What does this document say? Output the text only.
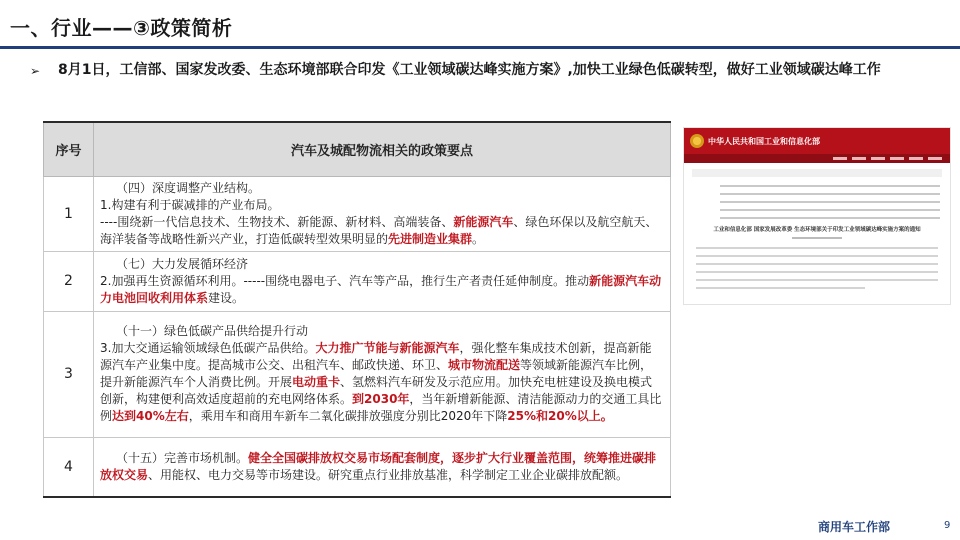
一、行业——③政策简析
➢	8月1日，工信部、国家发改委、生态环境部联合印发《工业领域碳达峰实施方案》,加快工业绿色低碳转型，做好工业领域碳达峰工作
序号	汽车及城配物流相关的政策要点
1	（四）深度调整产业结构。

1.构建有利于碳减排的产业布局。

----围绕新一代信息技术、生物技术、新能源、新材料、高端装备、新能源汽车、绿色环保以及航空航天、海洋装备等战略性新兴产业，打造低碳转型效果明显的先进制造业集群。

2	（七）大力发展循环经济

2.加强再生资源循环利用。-----围绕电器电子、汽车等产品，推行生产者责任延伸制度。推动新能源汽车动力电池回收利用体系建设。

3	（十一）绿色低碳产品供给提升行动

3.加大交通运输领域绿色低碳产品供给。大力推广节能与新能源汽车，强化整车集成技术创新，提高新能源汽车产业集中度。提高城市公交、出租汽车、邮政快递、环卫、城市物流配送等领域新能源汽车比例，提升新能源汽车个人消费比例。开展电动重卡、氢燃料汽车研发及示范应用。加快充电桩建设及换电模式创新，构建便利高效适度超前的充电网络体系。到2030年，当年新增新能源、清洁能源动力的交通工具比例达到40%左右，乘用车和商用车新车二氧化碳排放强度分别比2020年下降25%和20%以上。

4	（十五）完善市场机制。健全全国碳排放权交易市场配套制度，逐步扩大行业覆盖范围，统筹推进碳排放权交易、用能权、电力交易等市场建设。研究重点行业排放基准，科学制定工业企业碳排放配额。

中华人民共和国工业和信息化部
工业和信息化部 国家发展改革委 生态环境部关于印发工业领域碳达峰实施方案的通知
商用车工作部	9
